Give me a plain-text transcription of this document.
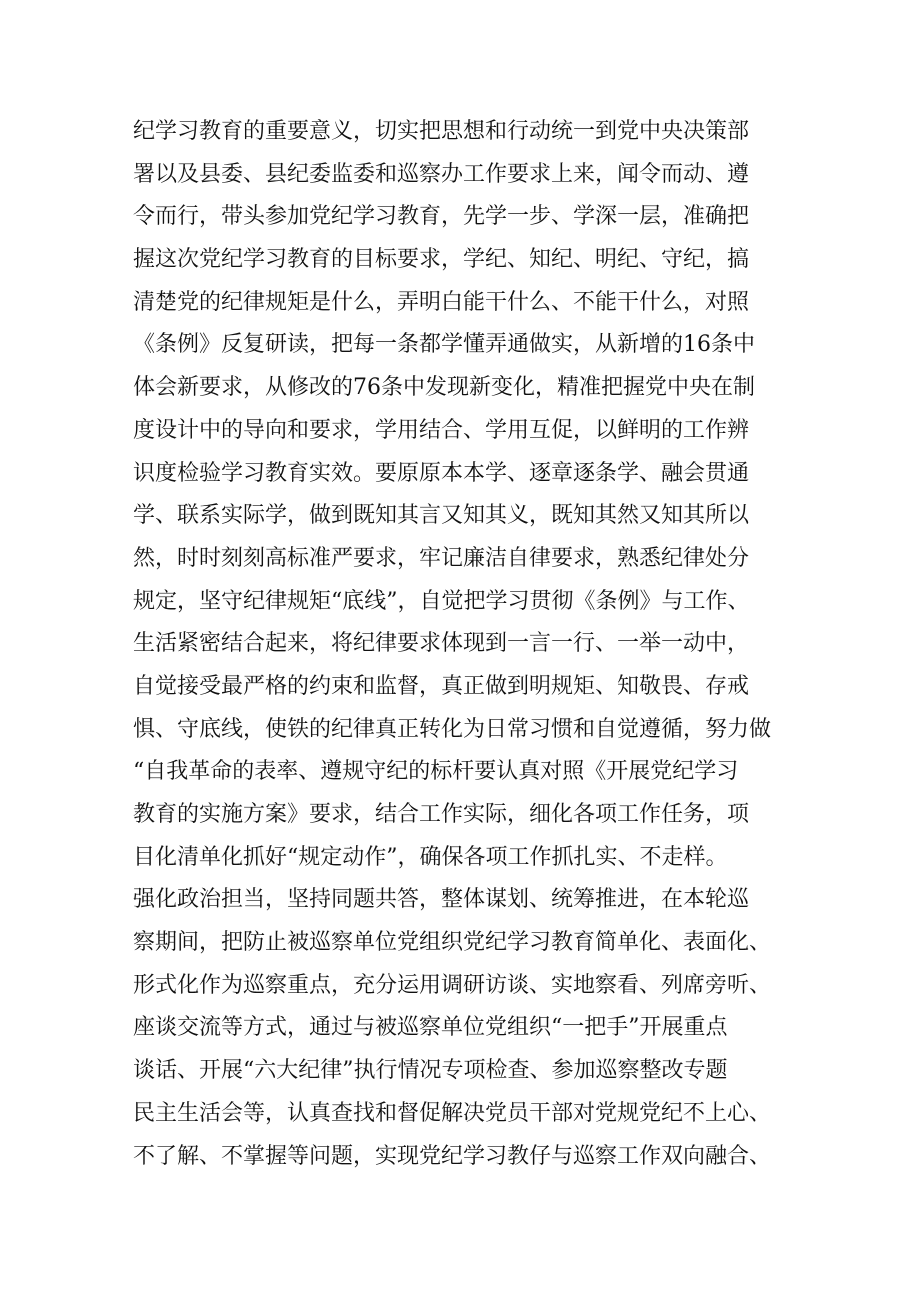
纪学习教育的重要意义，切实把思想和行动统一到党中央决策部
署以及县委、县纪委监委和巡察办工作要求上来，闻令而动、遵
令而行，带头参加党纪学习教育，先学一步、学深一层，准确把
握这次党纪学习教育的目标要求，学纪、知纪、明纪、守纪，搞
清楚党的纪律规矩是什么，弄明白能干什么、不能干什么，对照
《条例》反复研读，把每一条都学懂弄通做实，从新增的16条中
体会新要求，从修改的76条中发现新变化，精准把握党中央在制
度设计中的导向和要求，学用结合、学用互促，以鲜明的工作辨
识度检验学习教育实效。要原原本本学、逐章逐条学、融会贯通
学、联系实际学，做到既知其言又知其义，既知其然又知其所以
然，时时刻刻高标准严要求，牢记廉洁自律要求，熟悉纪律处分
规定，坚守纪律规矩“底线”，自觉把学习贯彻《条例》与工作、
生活紧密结合起来，将纪律要求体现到一言一行、一举一动中，
自觉接受最严格的约束和监督，真正做到明规矩、知敬畏、存戒
惧、守底线，使铁的纪律真正转化为日常习惯和自觉遵循，努力做
“自我革命的表率、遵规守纪的标杆要认真对照《开展党纪学习
教育的实施方案》要求，结合工作实际，细化各项工作任务，项
目化清单化抓好“规定动作”，确保各项工作抓扎实、不走样。
强化政治担当，坚持同题共答，整体谋划、统筹推进，在本轮巡
察期间，把防止被巡察单位党组织党纪学习教育简单化、表面化、
形式化作为巡察重点，充分运用调研访谈、实地察看、列席旁听、
座谈交流等方式，通过与被巡察单位党组织“一把手”开展重点
谈话、开展“六大纪律”执行情况专项检查、参加巡察整改专题
民主生活会等，认真查找和督促解决党员干部对党规党纪不上心、
不了解、不掌握等问题，实现党纪学习教仔与巡察工作双向融合、
